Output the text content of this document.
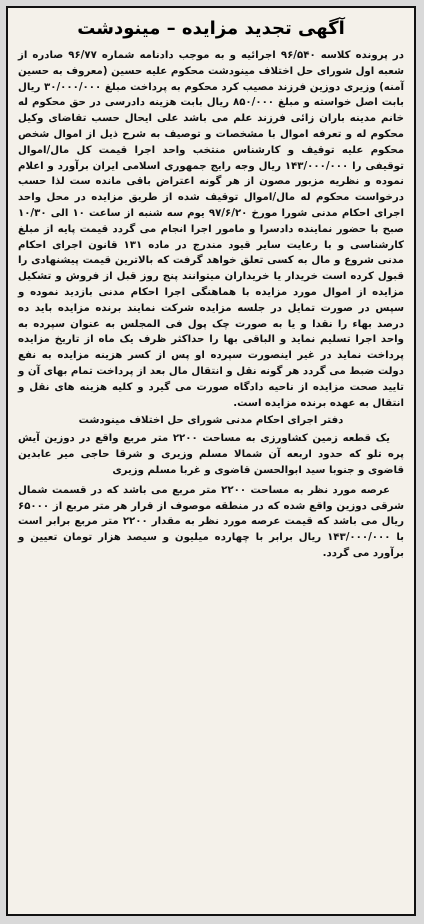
آگهی تجدید مزایده – مینودشت

در پرونده کلاسه ۹۶/۵۴۰ اجرائیه و به موجب دادنامه شماره ۹۶/۷۷ صادره از شعبه اول شورای حل اختلاف مینودشت محکوم علیه حسین (معروف به حسین آمنه) وزیری دوزین فرزند مصیب کرد محکوم به پرداخت مبلغ ۳۰/۰۰۰/۰۰۰ ریال بابت اصل خواسته و مبلغ ۸۵۰/۰۰۰ ریال بابت هزینه دادرسی در حق محکوم له خانم مدینه باران زائی فرزند علم می باشد علی ایحال حسب تقاضای وکیل محکوم له و تعرفه اموال با مشخصات و توصیف به شرح ذیل از اموال شخص محکوم علیه توقیف و کارشناس منتخب واحد اجرا قیمت کل مال/اموال توقیفی را ۱۴۳/۰۰۰/۰۰۰ ریال وجه رایج جمهوری اسلامی ایران برآورد و اعلام نموده و نظریه مزبور مصون از هر گونه اعتراض باقی مانده ست لذا حسب درخواست محکوم له مال/اموال توقیف شده از طریق مزایده در محل واحد اجرای احکام مدنی شورا مورخ ۹۷/۶/۲۰ یوم سه شنبه از ساعت ۱۰ الی ۱۰/۳۰ صبح با حضور نماینده دادسرا و مامور اجرا انجام می گردد قیمت پایه از مبلغ کارشناسی و با رعایت سایر قیود مندرج در ماده ۱۳۱ قانون اجرای احکام مدنی شروع و مال به کسی تعلق خواهد گرفت که بالاترین قیمت پیشنهادی را قبول کرده است خریدار یا خریداران میتوانند پنج روز قبل از فروش و تشکیل مزایده از اموال مورد مزایده با هماهنگی اجرا احکام مدنی بازدید نموده و سپس در صورت تمایل در جلسه مزایده شرکت نمایند برنده مزایده باید ده درصد بهاء را نقدا و یا به صورت چک پول فی المجلس به عنوان سپرده به واحد اجرا تسلیم نماید و الباقی بها را حداکثر ظرف یک ماه از تاریخ مزایده پرداخت نماید در غیر اینصورت سپرده او پس از کسر هزینه مزایده به نفع دولت ضبط می گردد هر گونه نقل و انتقال مال بعد از پرداخت تمام بهای آن و تایید صحت مزایده از ناحیه دادگاه صورت می گیرد و کلیه هزینه های نقل و انتقال به عهده برنده مزایده است.

دفتر اجرای احکام مدنی شورای حل اختلاف مینودشت

یک قطعه زمین کشاورزی به مساحت ۲۲۰۰ متر مربع واقع در دوزین آیش پره تلو که حدود اربعه آن شمالا مسلم وزیری و شرقا حاجی میر عابدین قاضوی و جنوبا سید ابوالحسن قاضوی و غربا مسلم وزیری

عرصه مورد نظر به مساحت ۲۲۰۰ متر مربع می باشد که در قسمت شمال شرقی دوزین واقع شده که در منطقه موصوف از قرار هر متر مربع از ۶۵۰۰۰ ریال می باشد که قیمت عرصه مورد نظر به مقدار ۲۲۰۰ متر مربع برابر است با ۱۴۳/۰۰۰/۰۰۰ ریال برابر با چهارده میلیون و سیصد هزار تومان تعیین و برآورد می گردد.
